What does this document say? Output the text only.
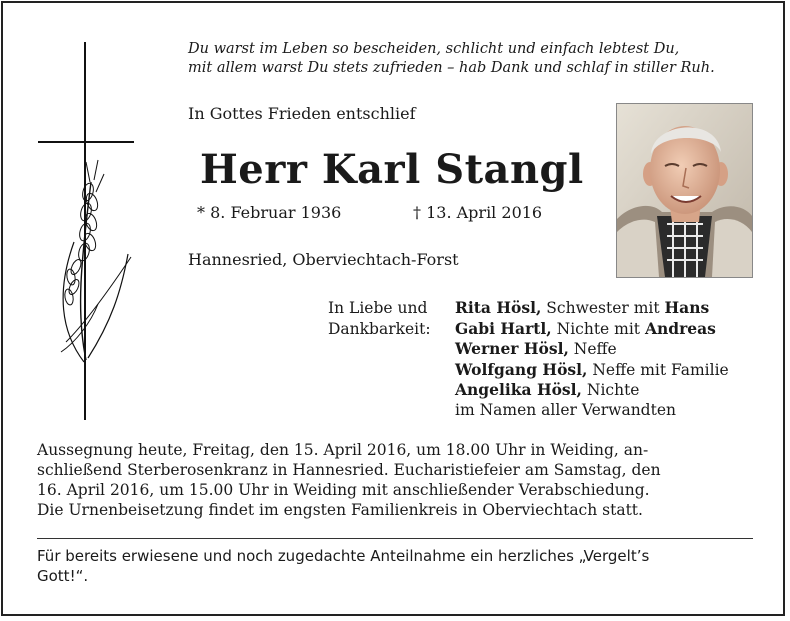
Du warst im Leben so bescheiden, schlicht und einfach lebtest Du,
mit allem warst Du stets zufrieden – hab Dank und schlaf in stiller Ruh.
In Gottes Frieden entschlief
Herr Karl Stangl
* 8. Februar 1936	† 13. April 2016
Hannesried, Oberviechtach-Forst
In Liebe und
Dankbarkeit:
Rita Hösl, Schwester mit Hans
Gabi Hartl, Nichte mit Andreas
Werner Hösl, Neffe
Wolfgang Hösl, Neffe mit Familie
Angelika Hösl, Nichte
im Namen aller Verwandten
Aussegnung heute, Freitag, den 15. April 2016, um 18.00 Uhr in Weiding, an-
schließend Sterberosenkranz in Hannesried. Eucharistiefeier am Samstag, den
16. April 2016, um 15.00 Uhr in Weiding mit anschließender Verabschiedung.
Die Urnenbeisetzung findet im engsten Familienkreis in Oberviechtach statt.
Für bereits erwiesene und noch zugedachte Anteilnahme ein herzliches „Vergelt’s
Gott!“.
